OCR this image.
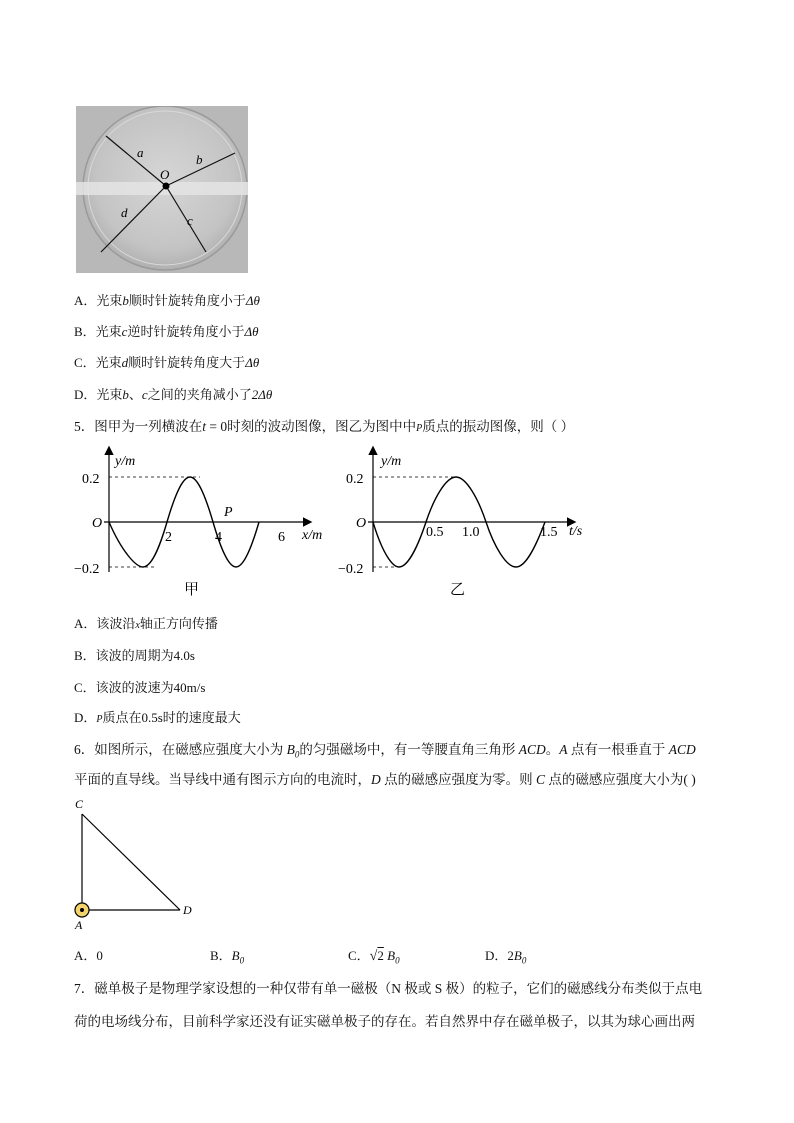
a	b
c
d
O
A．光束b顺时针旋转角度小于Δθ
B．光束c逆时针旋转角度小于Δθ
C．光束d顺时针旋转角度大于Δθ
D．光束b、c之间的夹角减小了2Δθ
5．图甲为一列横波在t = 0时刻的波动图像，图乙为图中中P质点的振动图像，则（ ）
y/m
x/m
O
0.2
−0.2
2	4	6
P
甲
y/m
t/s
O
0.2
−0.2
0.5 1.0	1.5
乙
A．该波沿x轴正方向传播
B．该波的周期为4.0s
C．该波的波速为40m/s
D．P质点在0.5s时的速度最大
6．如图所示，在磁感应强度大小为 $B_0$的匀强磁场中，有一等腰直角三角形 ACD。A 点有一根垂直于 ACD
平面的直导线。当导线中通有图示方向的电流时，D 点的磁感应强度为零。则 C 点的磁感应强度大小为( )
C
A
D
A．0	B．$B_0$	C．√2 $B_0$	D．$2B_0$
7．磁单极子是物理学家设想的一种仅带有单一磁极（N 极或 S 极）的粒子，它们的磁感线分布类似于点电
荷的电场线分布，目前科学家还没有证实磁单极子的存在。若自然界中存在磁单极子，以其为球心画出两
